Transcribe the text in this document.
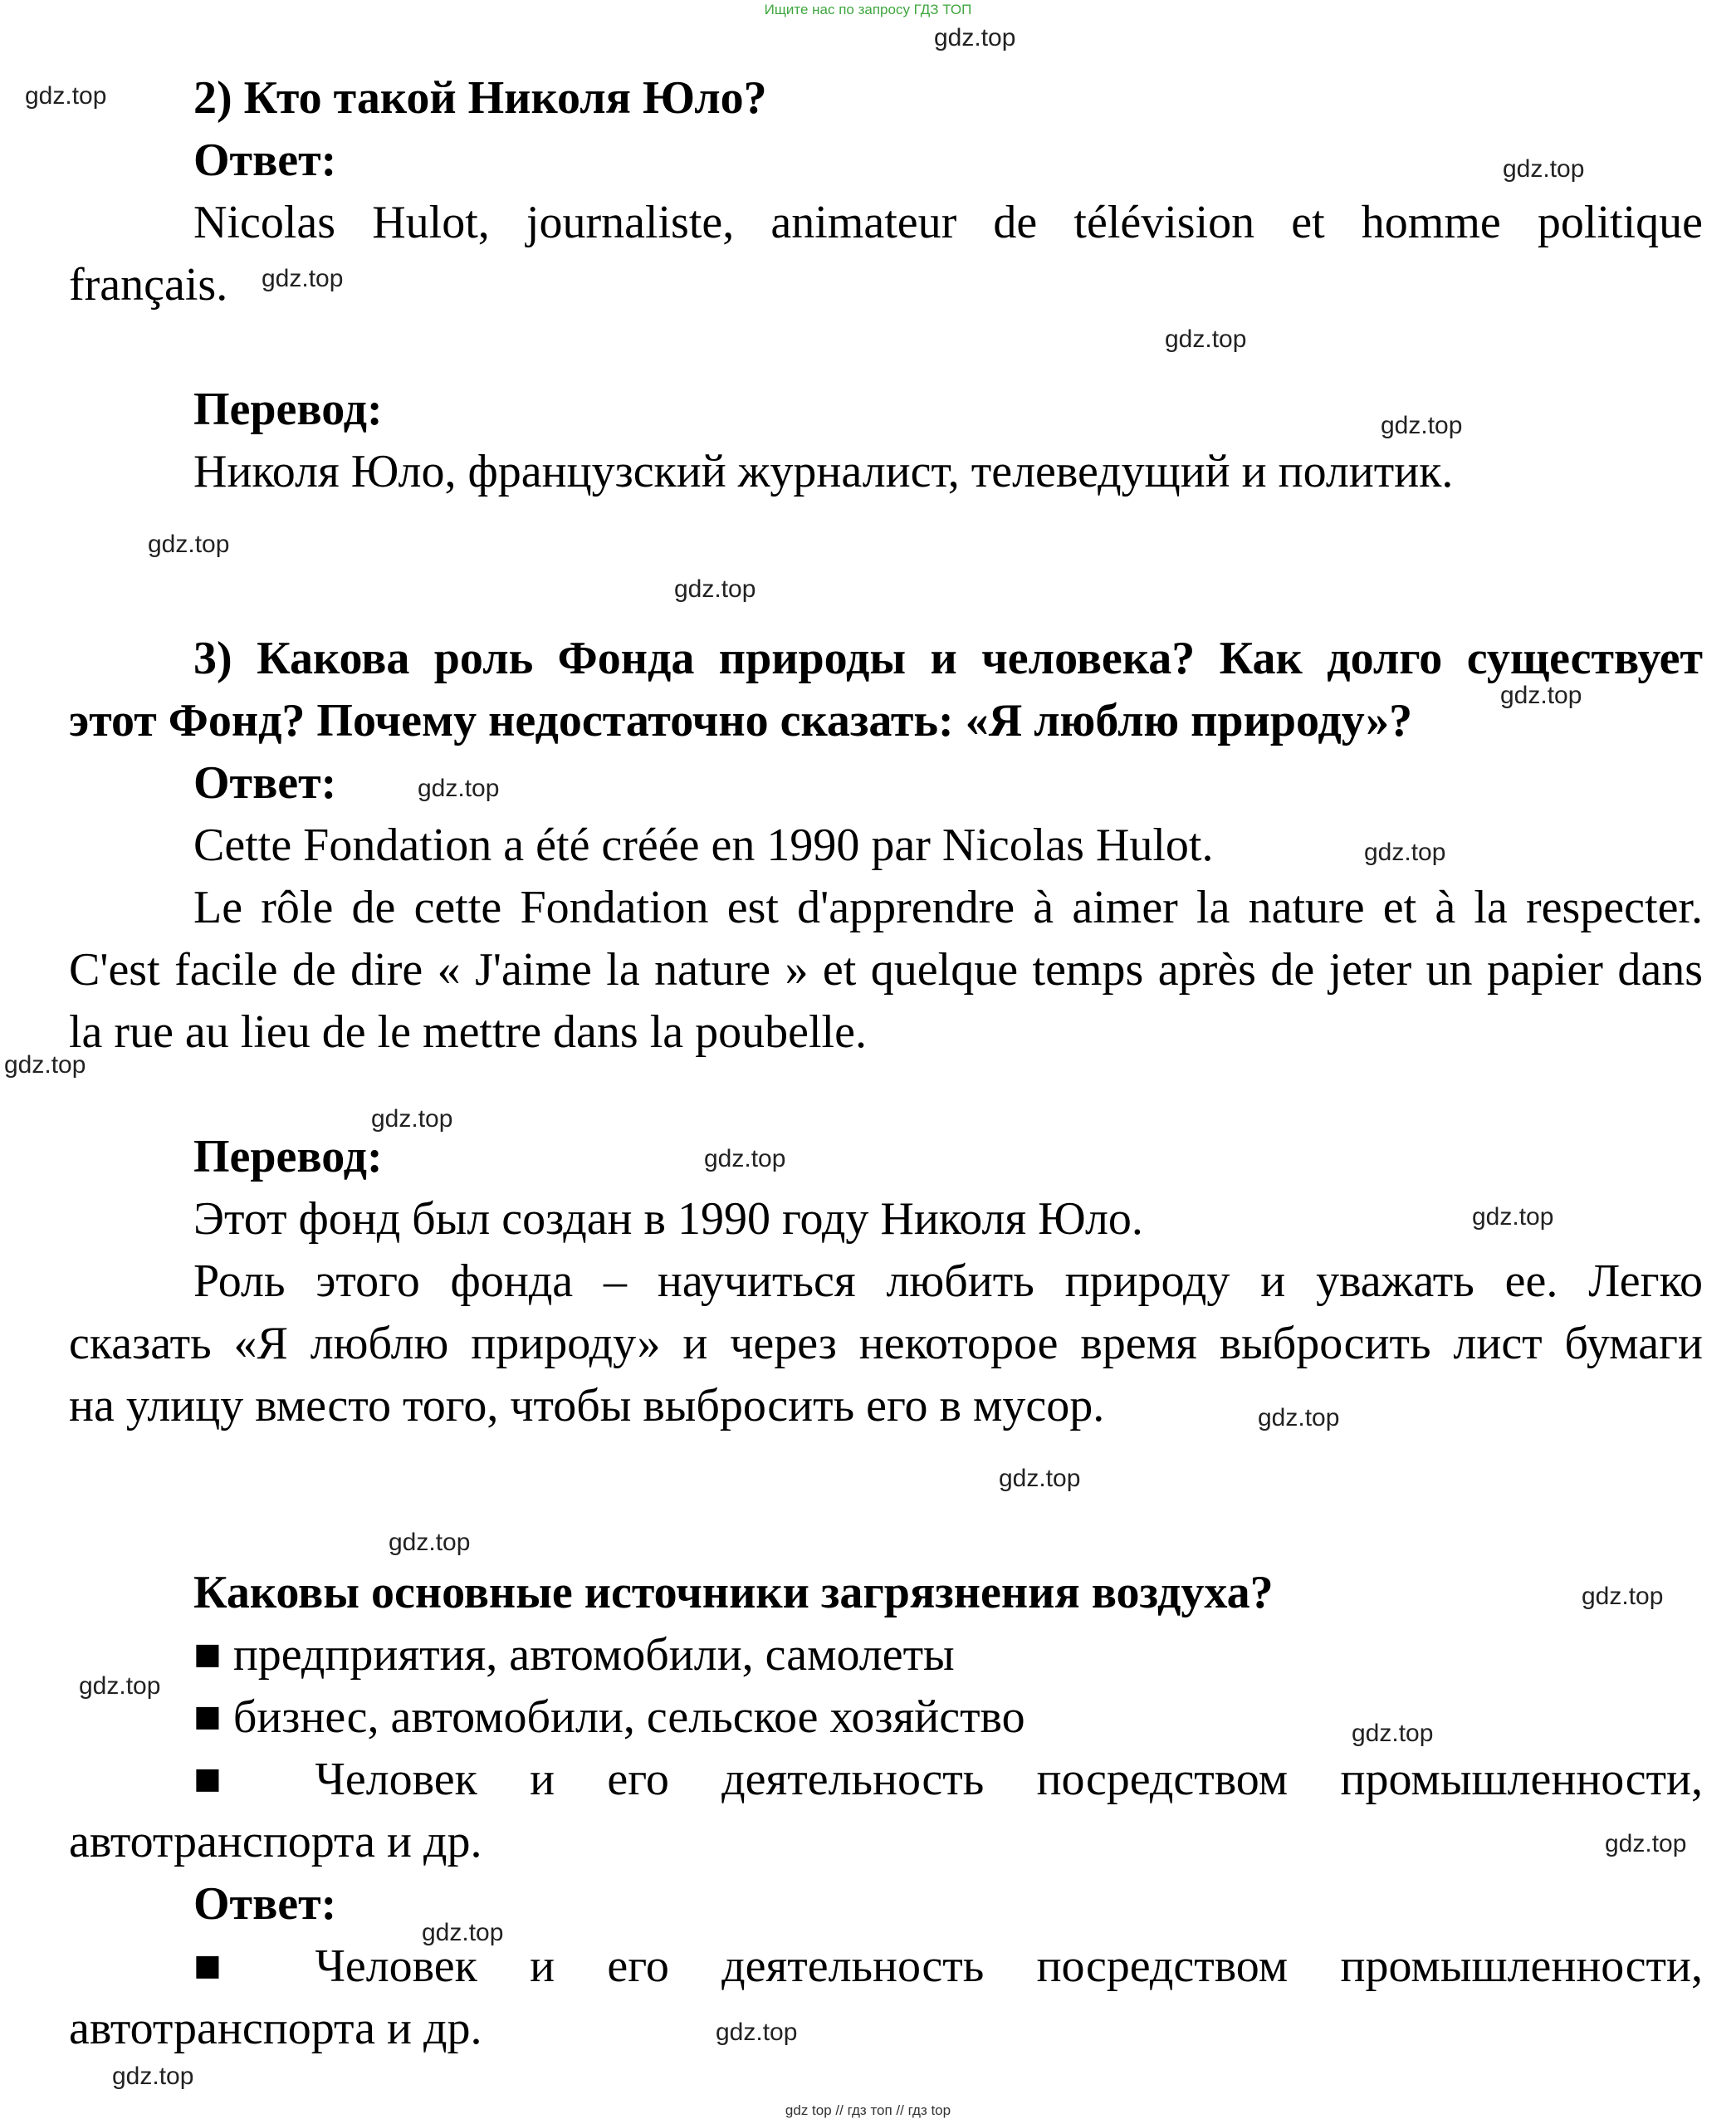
Ищите нас по запросу ГДЗ ТОП
2) Кто такой Николя Юло?
Ответ:
Nicolas Hulot, journaliste, animateur de télévision et homme politique
français.
Перевод:
Николя Юло, французский журналист, телеведущий и политик.
3) Какова роль Фонда природы и человека? Как долго существует
этот Фонд? Почему недостаточно сказать: «Я люблю природу»?
Ответ:
Cette Fondation a été créée en 1990 par Nicolas Hulot.
Le rôle de cette Fondation est d'apprendre à aimer la nature et à la respecter.
C'est facile de dire « J'aime la nature » et quelque temps après de jeter un papier dans
la rue au lieu de le mettre dans la poubelle.
Перевод:
Этот фонд был создан в 1990 году Николя Юло.
Роль этого фонда – научиться любить природу и уважать ее. Легко
сказать «Я люблю природу» и через некоторое время выбросить лист бумаги
на улицу вместо того, чтобы выбросить его в мусор.
Каковы основные источники загрязнения воздуха?
■ предприятия, автомобили, самолеты
■ бизнес, автомобили, сельское хозяйство
■ Человек и его деятельность посредством промышленности,
автотранспорта и др.
Ответ:
■ Человек и его деятельность посредством промышленности,
автотранспорта и др.
gdz.top
gdz.top
gdz.top
gdz.top
gdz.top
gdz.top
gdz.top
gdz.top
gdz.top
gdz.top
gdz.top
gdz.top
gdz.top
gdz.top
gdz.top
gdz.top
gdz.top
gdz.top
gdz.top
gdz.top
gdz.top
gdz.top
gdz.top
gdz.top
gdz.top
gdz top // гдз топ // гдз top
